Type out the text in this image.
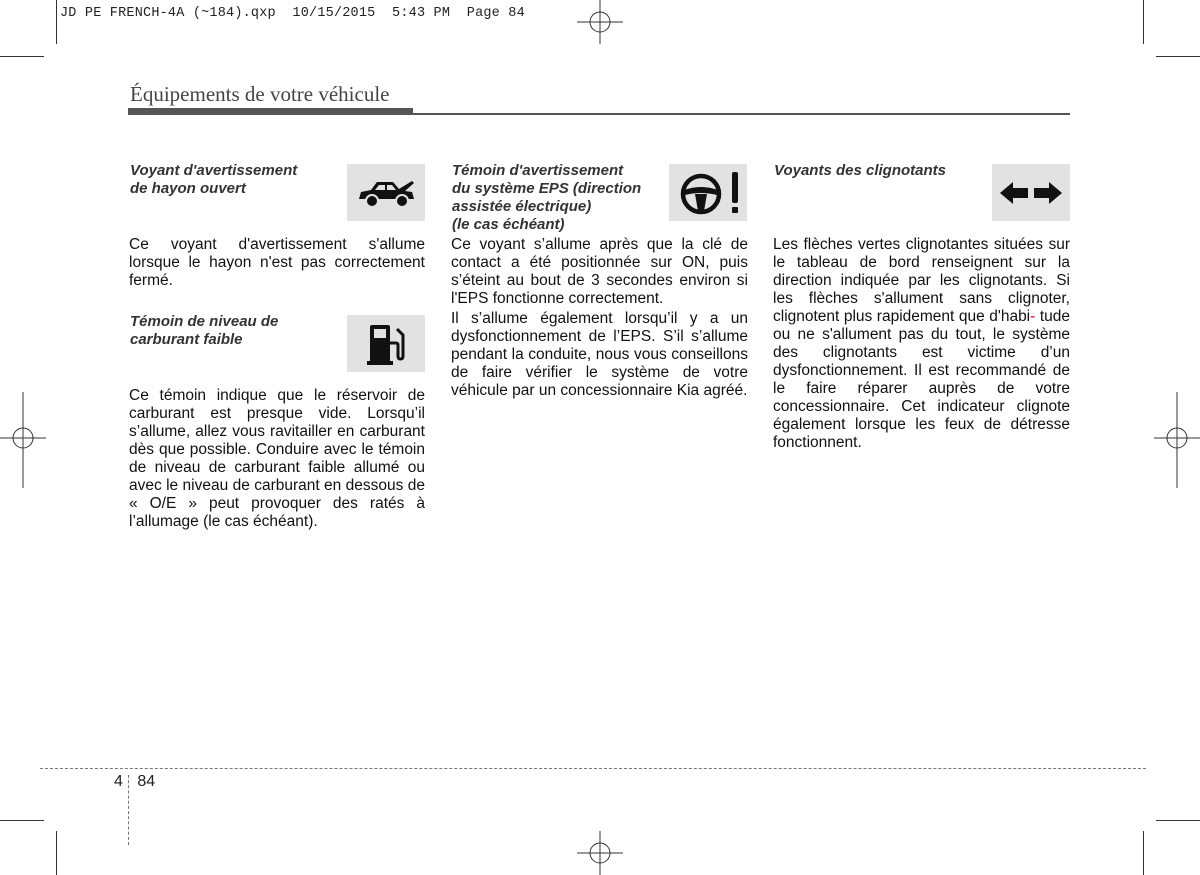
JD PE FRENCH-4A (~184).qxp  10/15/2015  5:43 PM  Page 84
Équipements de votre véhicule
Voyant d'avertissement
de hayon ouvert

Ce voyant d'avertissement s'allume lorsque le hayon n'est pas correctement fermé.

Témoin de niveau de
carburant faible

Ce témoin indique que le réservoir de carburant est presque vide. Lorsqu’il s’allume, allez vous ravitailler en carburant dès que possible. Conduire avec le témoin de niveau de carburant faible allumé ou avec le niveau de carburant en dessous de « O/E » peut provoquer des ratés à l’allumage (le cas échéant).

Témoin d'avertissement
du système EPS (direction
assistée électrique)
(le cas échéant)

Ce voyant s’allume après que la clé de contact a été positionnée sur ON, puis s’éteint au bout de 3 secondes environ si l'EPS fonctionne correctement.

Il s’allume également lorsqu’il y a un dysfonctionnement de l’EPS. S’il s’allume pendant la conduite, nous vous conseillons de faire vérifier le système de votre véhicule par un concessionnaire Kia agréé.

Voyants des clignotants

Les flèches vertes clignotantes situées sur le tableau de bord renseignent sur la direction indiquée par les clignotants. Si les flèches s'allument sans clignoter, clignotent plus rapidement que d'habi- tude ou ne s'allument pas du tout, le système des clignotants est victime d’un dysfonctionnement. Il est recommandé de le faire réparer auprès de votre concessionnaire. Cet indicateur clignote également lorsque les feux de détresse fonctionnent.

4 84
